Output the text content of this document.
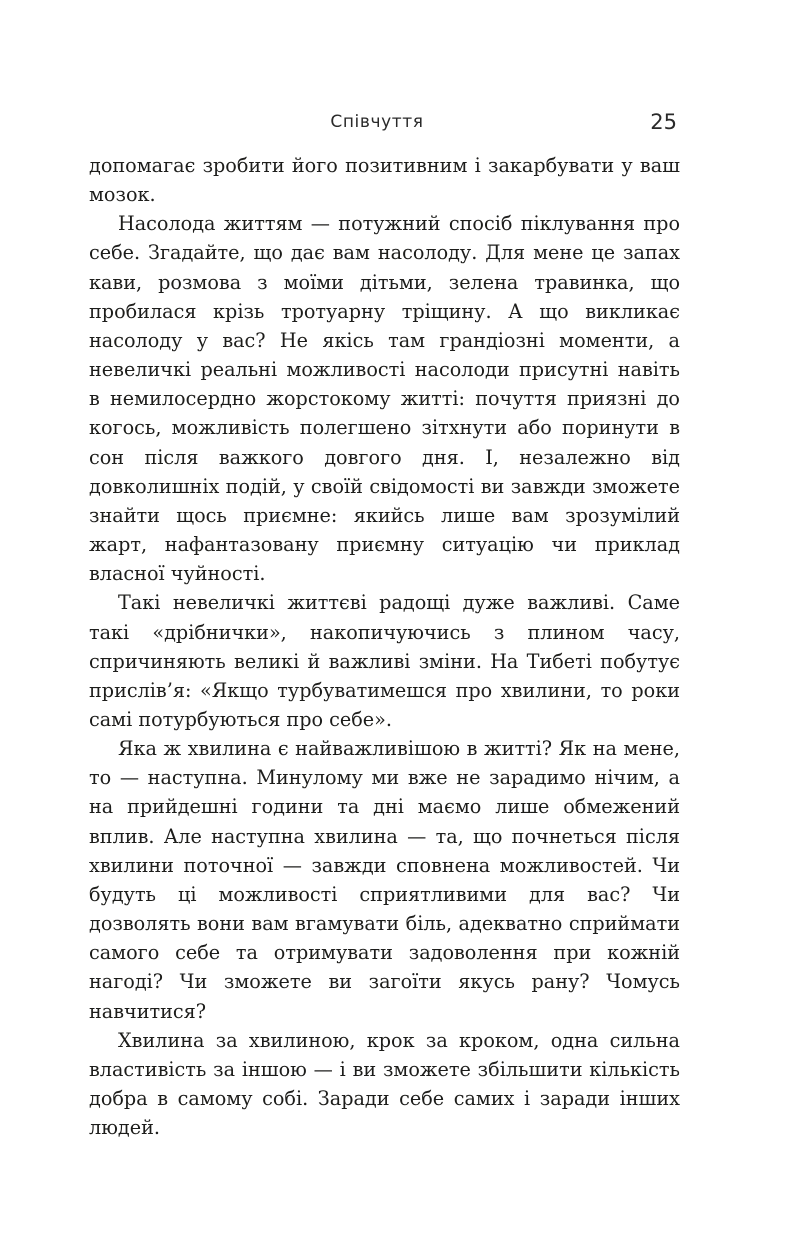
Співчуття	25

допомагає зробити його позитивним і закарбувати у ваш мозок.

Насолода життям — потужний спосіб піклування про себе. Згадайте, що дає вам насолоду. Для мене це запах кави, розмова з моїми дітьми, зелена травинка, що пробилася крізь тротуарну тріщину. А що викликає насолоду у вас? Не якісь там грандіозні моменти, а невеличкі реальні можливості насолоди присутні навіть в немилосердно жорстокому житті: почуття приязні до когось, можливість полегшено зітхнути або поринути в сон після важкого довгого дня. І, незалежно від довколишніх подій, у своїй свідомості ви завжди зможете знайти щось приємне: якийсь лише вам зрозумілий жарт, нафантазовану приємну ситуацію чи приклад власної чуйності.

Такі невеличкі життєві радощі дуже важливі. Саме такі «дрібнички», накопичуючись з плином часу, спричиняють великі й важливі зміни. На Тибеті побутує прислів’я: «Якщо турбуватимешся про хвилини, то роки самі потурбуються про себе».

Яка ж хвилина є найважливішою в житті? Як на мене, то — наступна. Минулому ми вже не зарадимо нічим, а на прийдешні години та дні маємо лише обмежений вплив. Але наступна хвилина — та, що почнеться після хвилини поточної — завжди сповнена можливостей. Чи будуть ці можливості сприятливими для вас? Чи дозволять вони вам вгамувати біль, адекватно сприймати самого себе та отримувати задоволення при кожній нагоді? Чи зможете ви загоїти якусь рану? Чомусь навчитися?

Хвилина за хвилиною, крок за кроком, одна сильна властивість за іншою — і ви зможете збільшити кількість добра в самому собі. Заради себе самих і заради інших людей.
